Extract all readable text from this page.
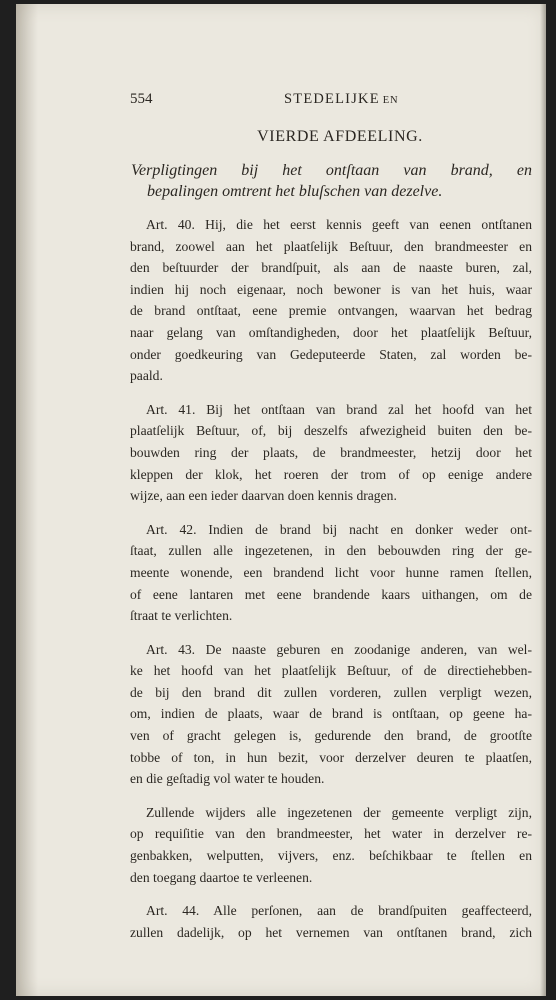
554	STEDELIJKE EN
VIERDE AFDEELING.
Verpligtingen bij het ontſtaan van brand, en
bepalingen omtrent het bluſschen van dezelve.
Art. 40. Hij, die het eerst kennis geeft van eenen ontſtanen
brand, zoowel aan het plaatſelijk Beſtuur, den brandmeester en
den beſtuurder der brandſpuit, als aan de naaste buren, zal,
indien hij noch eigenaar, noch bewoner is van het huis, waar
de brand ontſtaat, eene premie ontvangen, waarvan het bedrag
naar gelang van omſtandigheden, door het plaatſelijk Beſtuur,
onder goedkeuring van Gedeputeerde Staten, zal worden be-
paald.
Art. 41. Bij het ontſtaan van brand zal het hoofd van het
plaatſelijk Beſtuur, of, bij deszelfs afwezigheid buiten den be-
bouwden ring der plaats, de brandmeester, hetzij door het
kleppen der klok, het roeren der trom of op eenige andere
wijze, aan een ieder daarvan doen kennis dragen.
Art. 42. Indien de brand bij nacht en donker weder ont-
ſtaat, zullen alle ingezetenen, in den bebouwden ring der ge-
meente wonende, een brandend licht voor hunne ramen ſtellen,
of eene lantaren met eene brandende kaars uithangen, om de
ſtraat te verlichten.
Art. 43. De naaste geburen en zoodanige anderen, van wel-
ke het hoofd van het plaatſelijk Beſtuur, of de directiehebben-
de bij den brand dit zullen vorderen, zullen verpligt wezen,
om, indien de plaats, waar de brand is ontſtaan, op geene ha-
ven of gracht gelegen is, gedurende den brand, de grootſte
tobbe of ton, in hun bezit, voor derzelver deuren te plaatſen,
en die geſtadig vol water te houden.
Zullende wijders alle ingezetenen der gemeente verpligt zijn,
op requiſitie van den brandmeester, het water in derzelver re-
genbakken, welputten, vijvers, enz. beſchikbaar te ſtellen en
den toegang daartoe te verleenen.
Art. 44. Alle perſonen, aan de brandſpuiten geaffecteerd,
zullen dadelijk, op het vernemen van ontſtanen brand, zich
